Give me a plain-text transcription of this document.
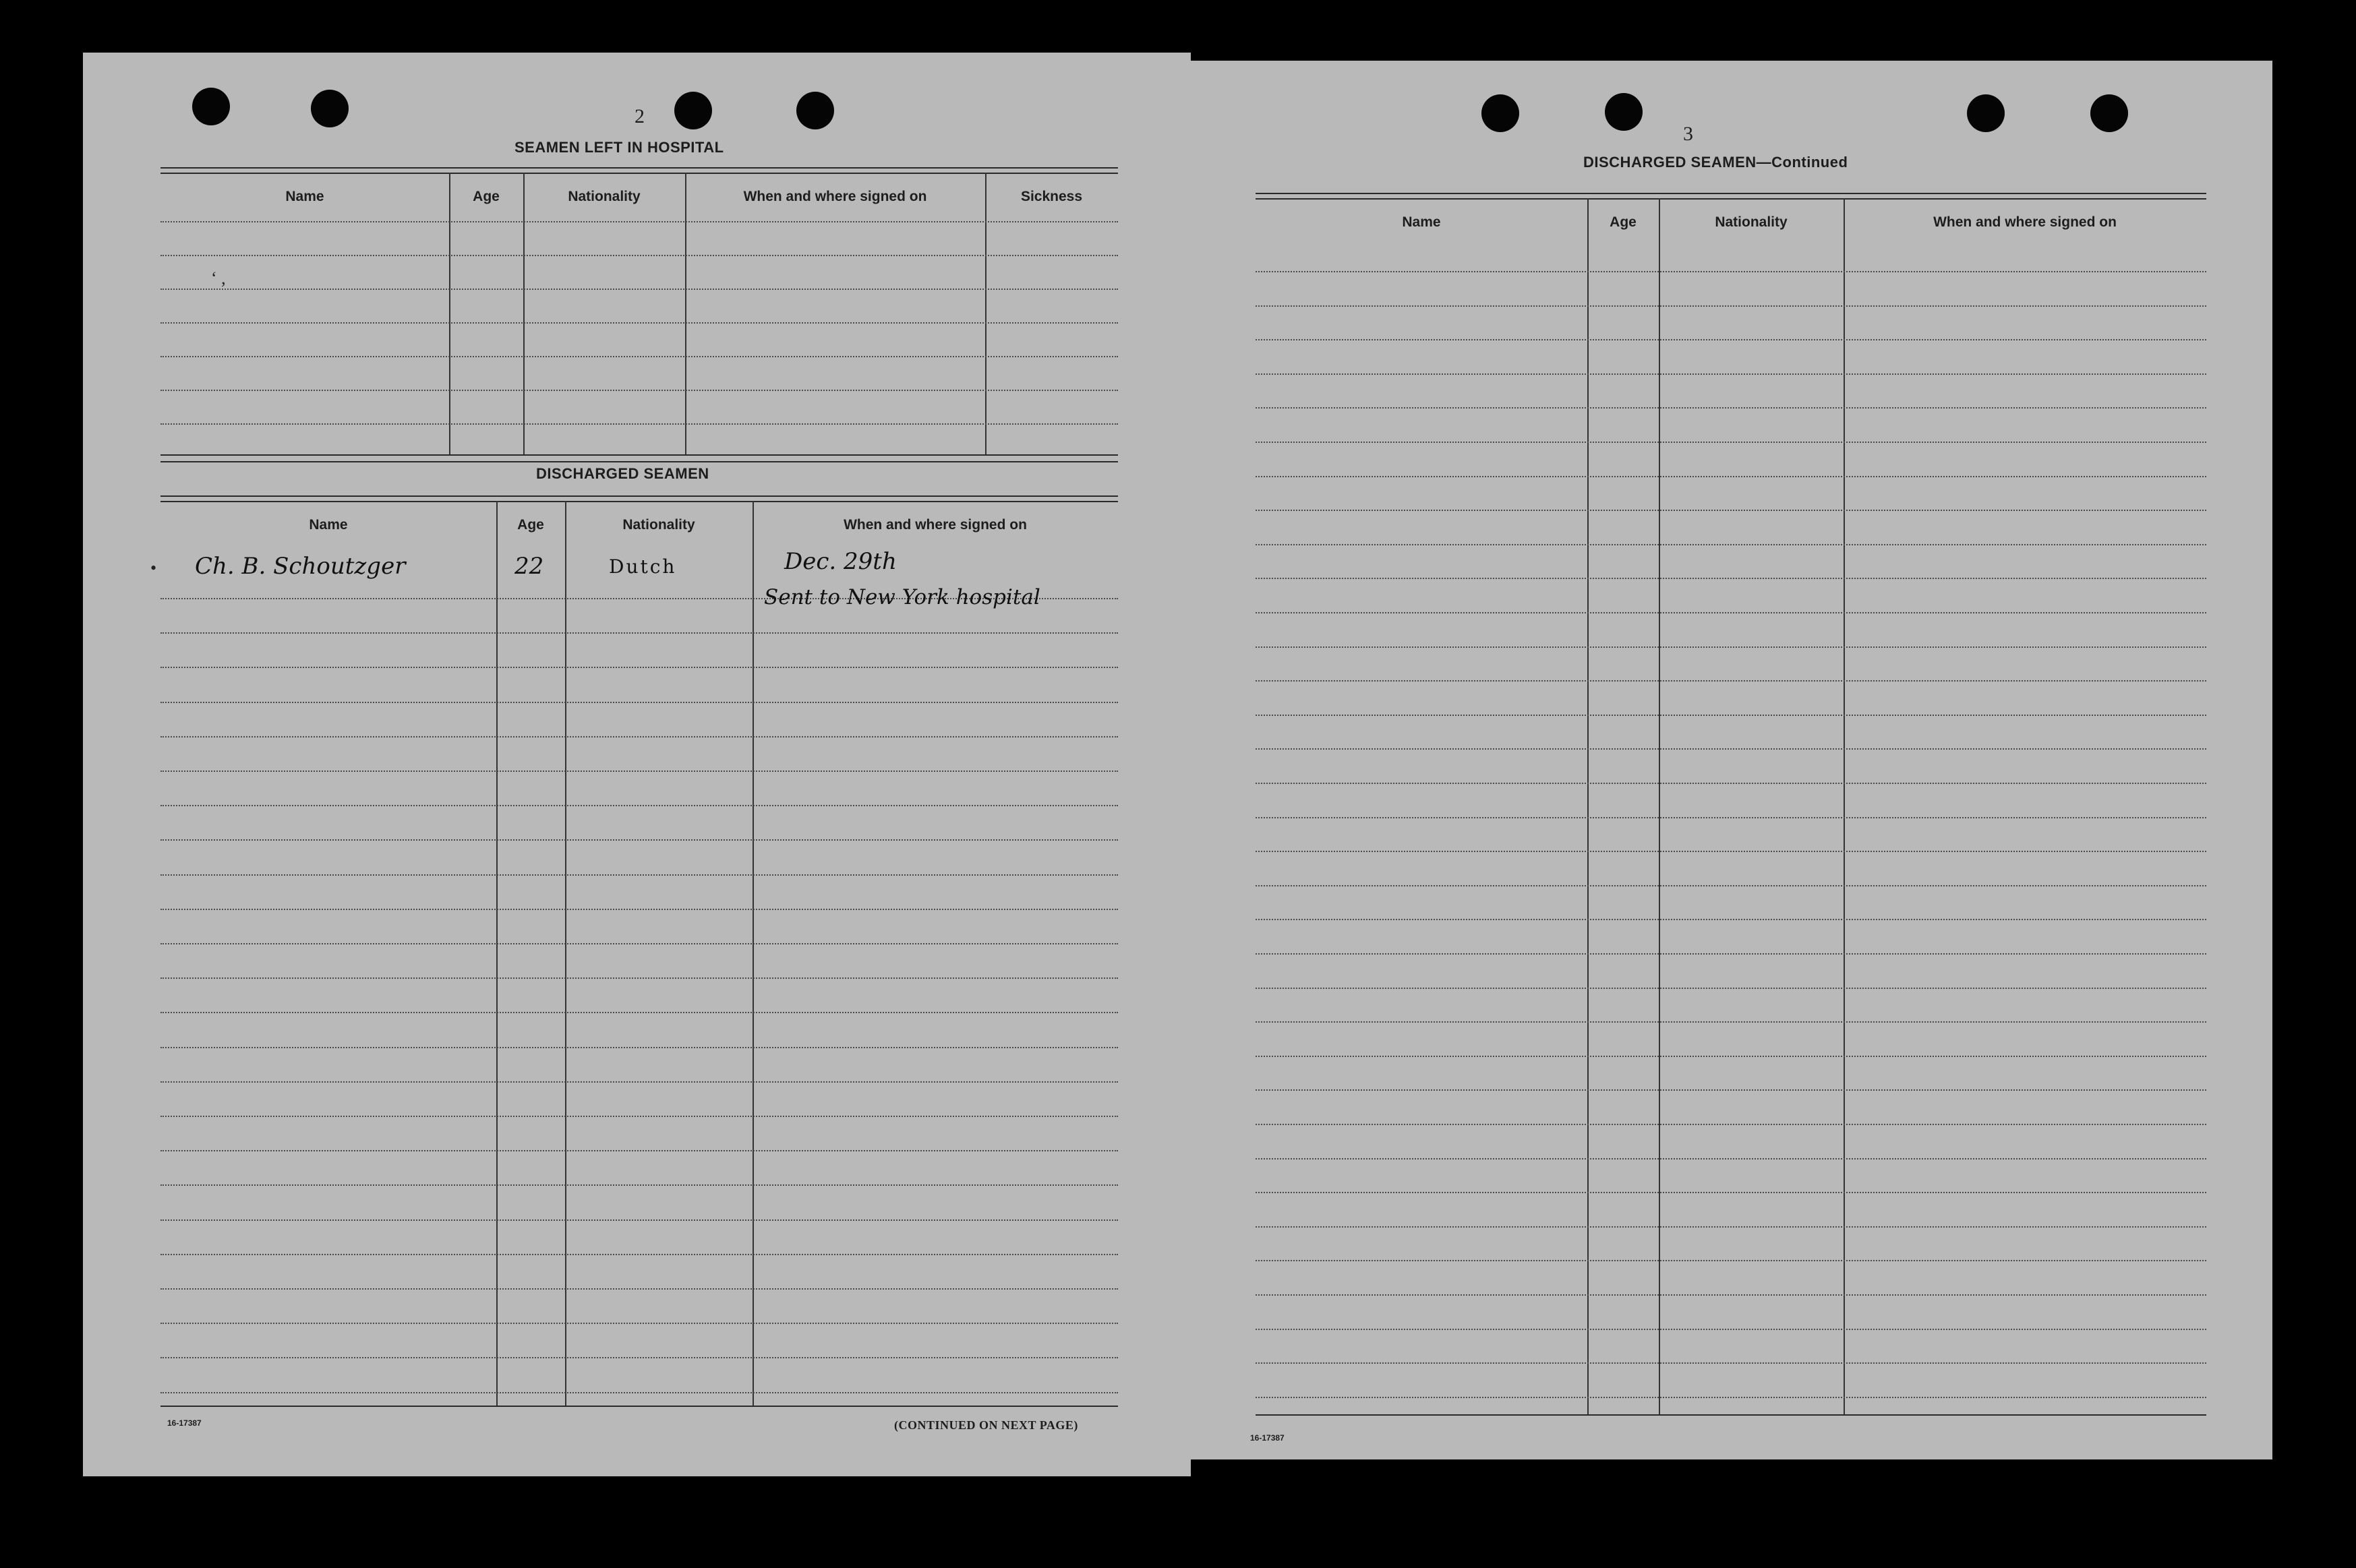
2
SEAMEN LEFT IN HOSPITAL
Name	Age	Nationality	When and where signed on	Sickness
‘ ,
DISCHARGED SEAMEN
Name	Age	Nationality	When and where signed on
• Ch. B. Schoutzger	22	Dutch	Dec. 29th
Sent to New York hospital
16-17387	(CONTINUED ON NEXT PAGE)
3
DISCHARGED SEAMEN—Continued
Name	Age	Nationality	When and where signed on
16-17387
